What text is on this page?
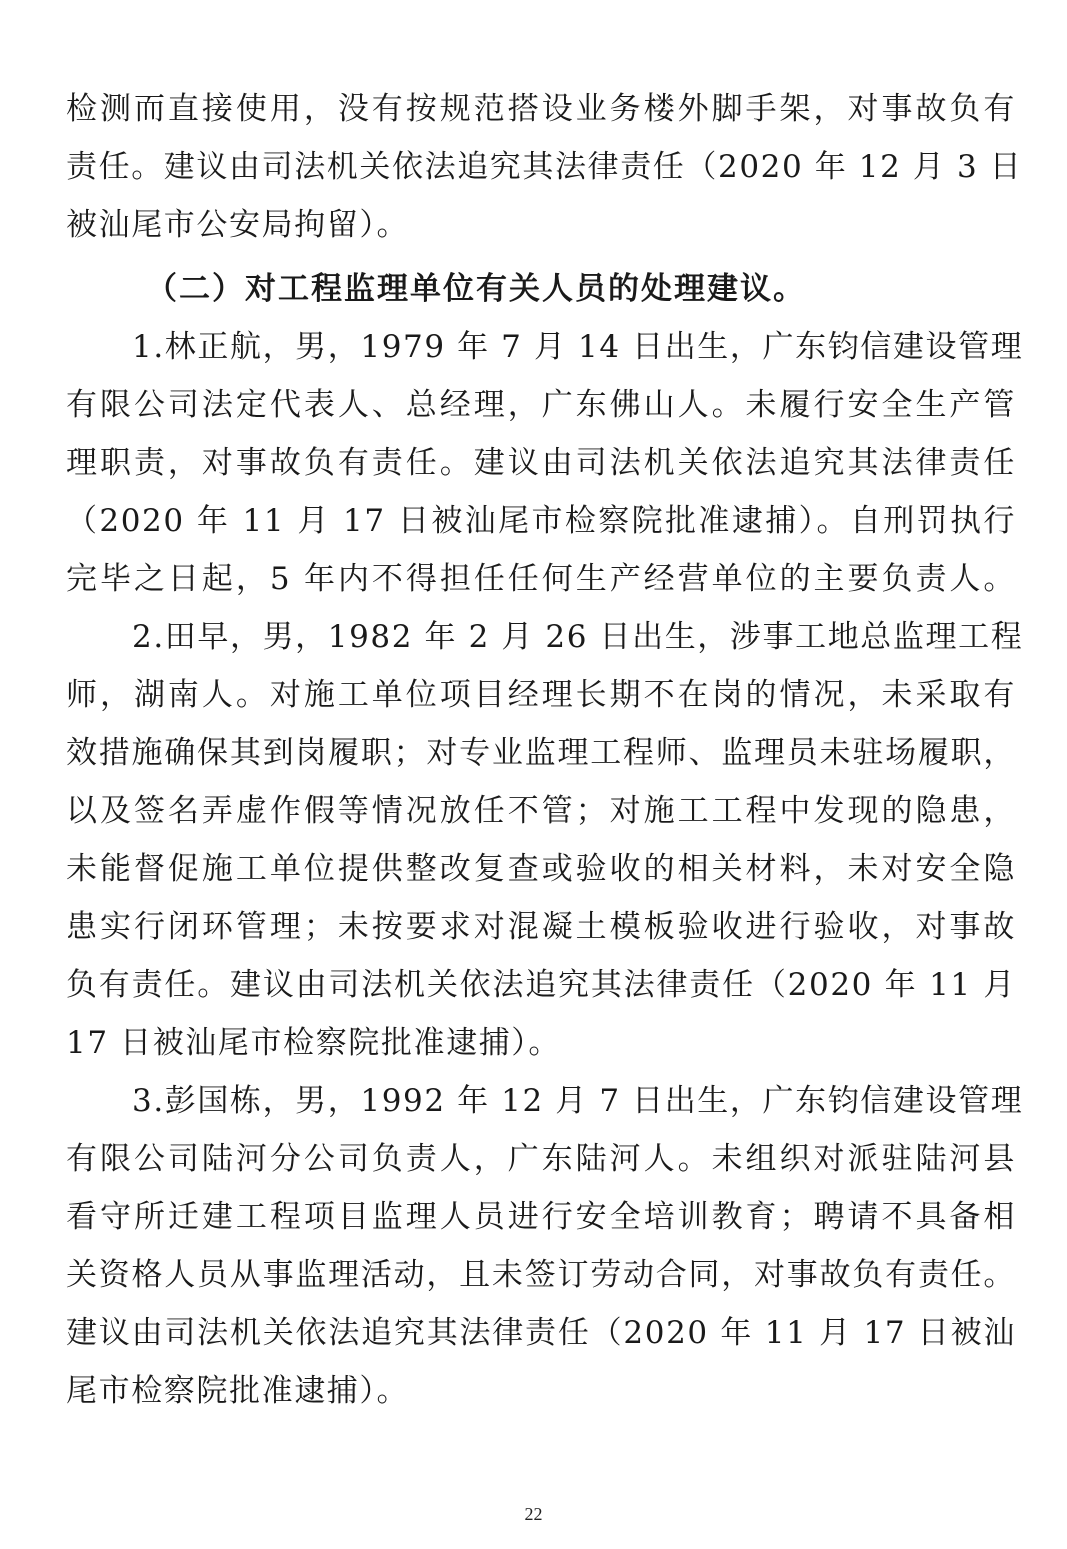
检测而直接使用，没有按规范搭设业务楼外脚手架，对事故负有
责任。建议由司法机关依法追究其法律责任（2020 年 12 月 3 日
被汕尾市公安局拘留）。
（二）对工程监理单位有关人员的处理建议。
1.林正航，男，1979 年 7 月 14 日出生，广东钧信建设管理
有限公司法定代表人、总经理，广东佛山人。未履行安全生产管
理职责，对事故负有责任。建议由司法机关依法追究其法律责任
（2020 年 11 月 17 日被汕尾市检察院批准逮捕）。自刑罚执行
完毕之日起，5 年内不得担任任何生产经营单位的主要负责人。
2.田早，男，1982 年 2 月 26 日出生，涉事工地总监理工程
师，湖南人。对施工单位项目经理长期不在岗的情况，未采取有
效措施确保其到岗履职；对专业监理工程师、监理员未驻场履职，
以及签名弄虚作假等情况放任不管；对施工工程中发现的隐患，
未能督促施工单位提供整改复查或验收的相关材料，未对安全隐
患实行闭环管理；未按要求对混凝土模板验收进行验收，对事故
负有责任。建议由司法机关依法追究其法律责任（2020 年 11 月
17 日被汕尾市检察院批准逮捕）。
3.彭国栋，男，1992 年 12 月 7 日出生，广东钧信建设管理
有限公司陆河分公司负责人，广东陆河人。未组织对派驻陆河县
看守所迁建工程项目监理人员进行安全培训教育；聘请不具备相
关资格人员从事监理活动，且未签订劳动合同，对事故负有责任。
建议由司法机关依法追究其法律责任（2020 年 11 月 17 日被汕
尾市检察院批准逮捕）。
22
